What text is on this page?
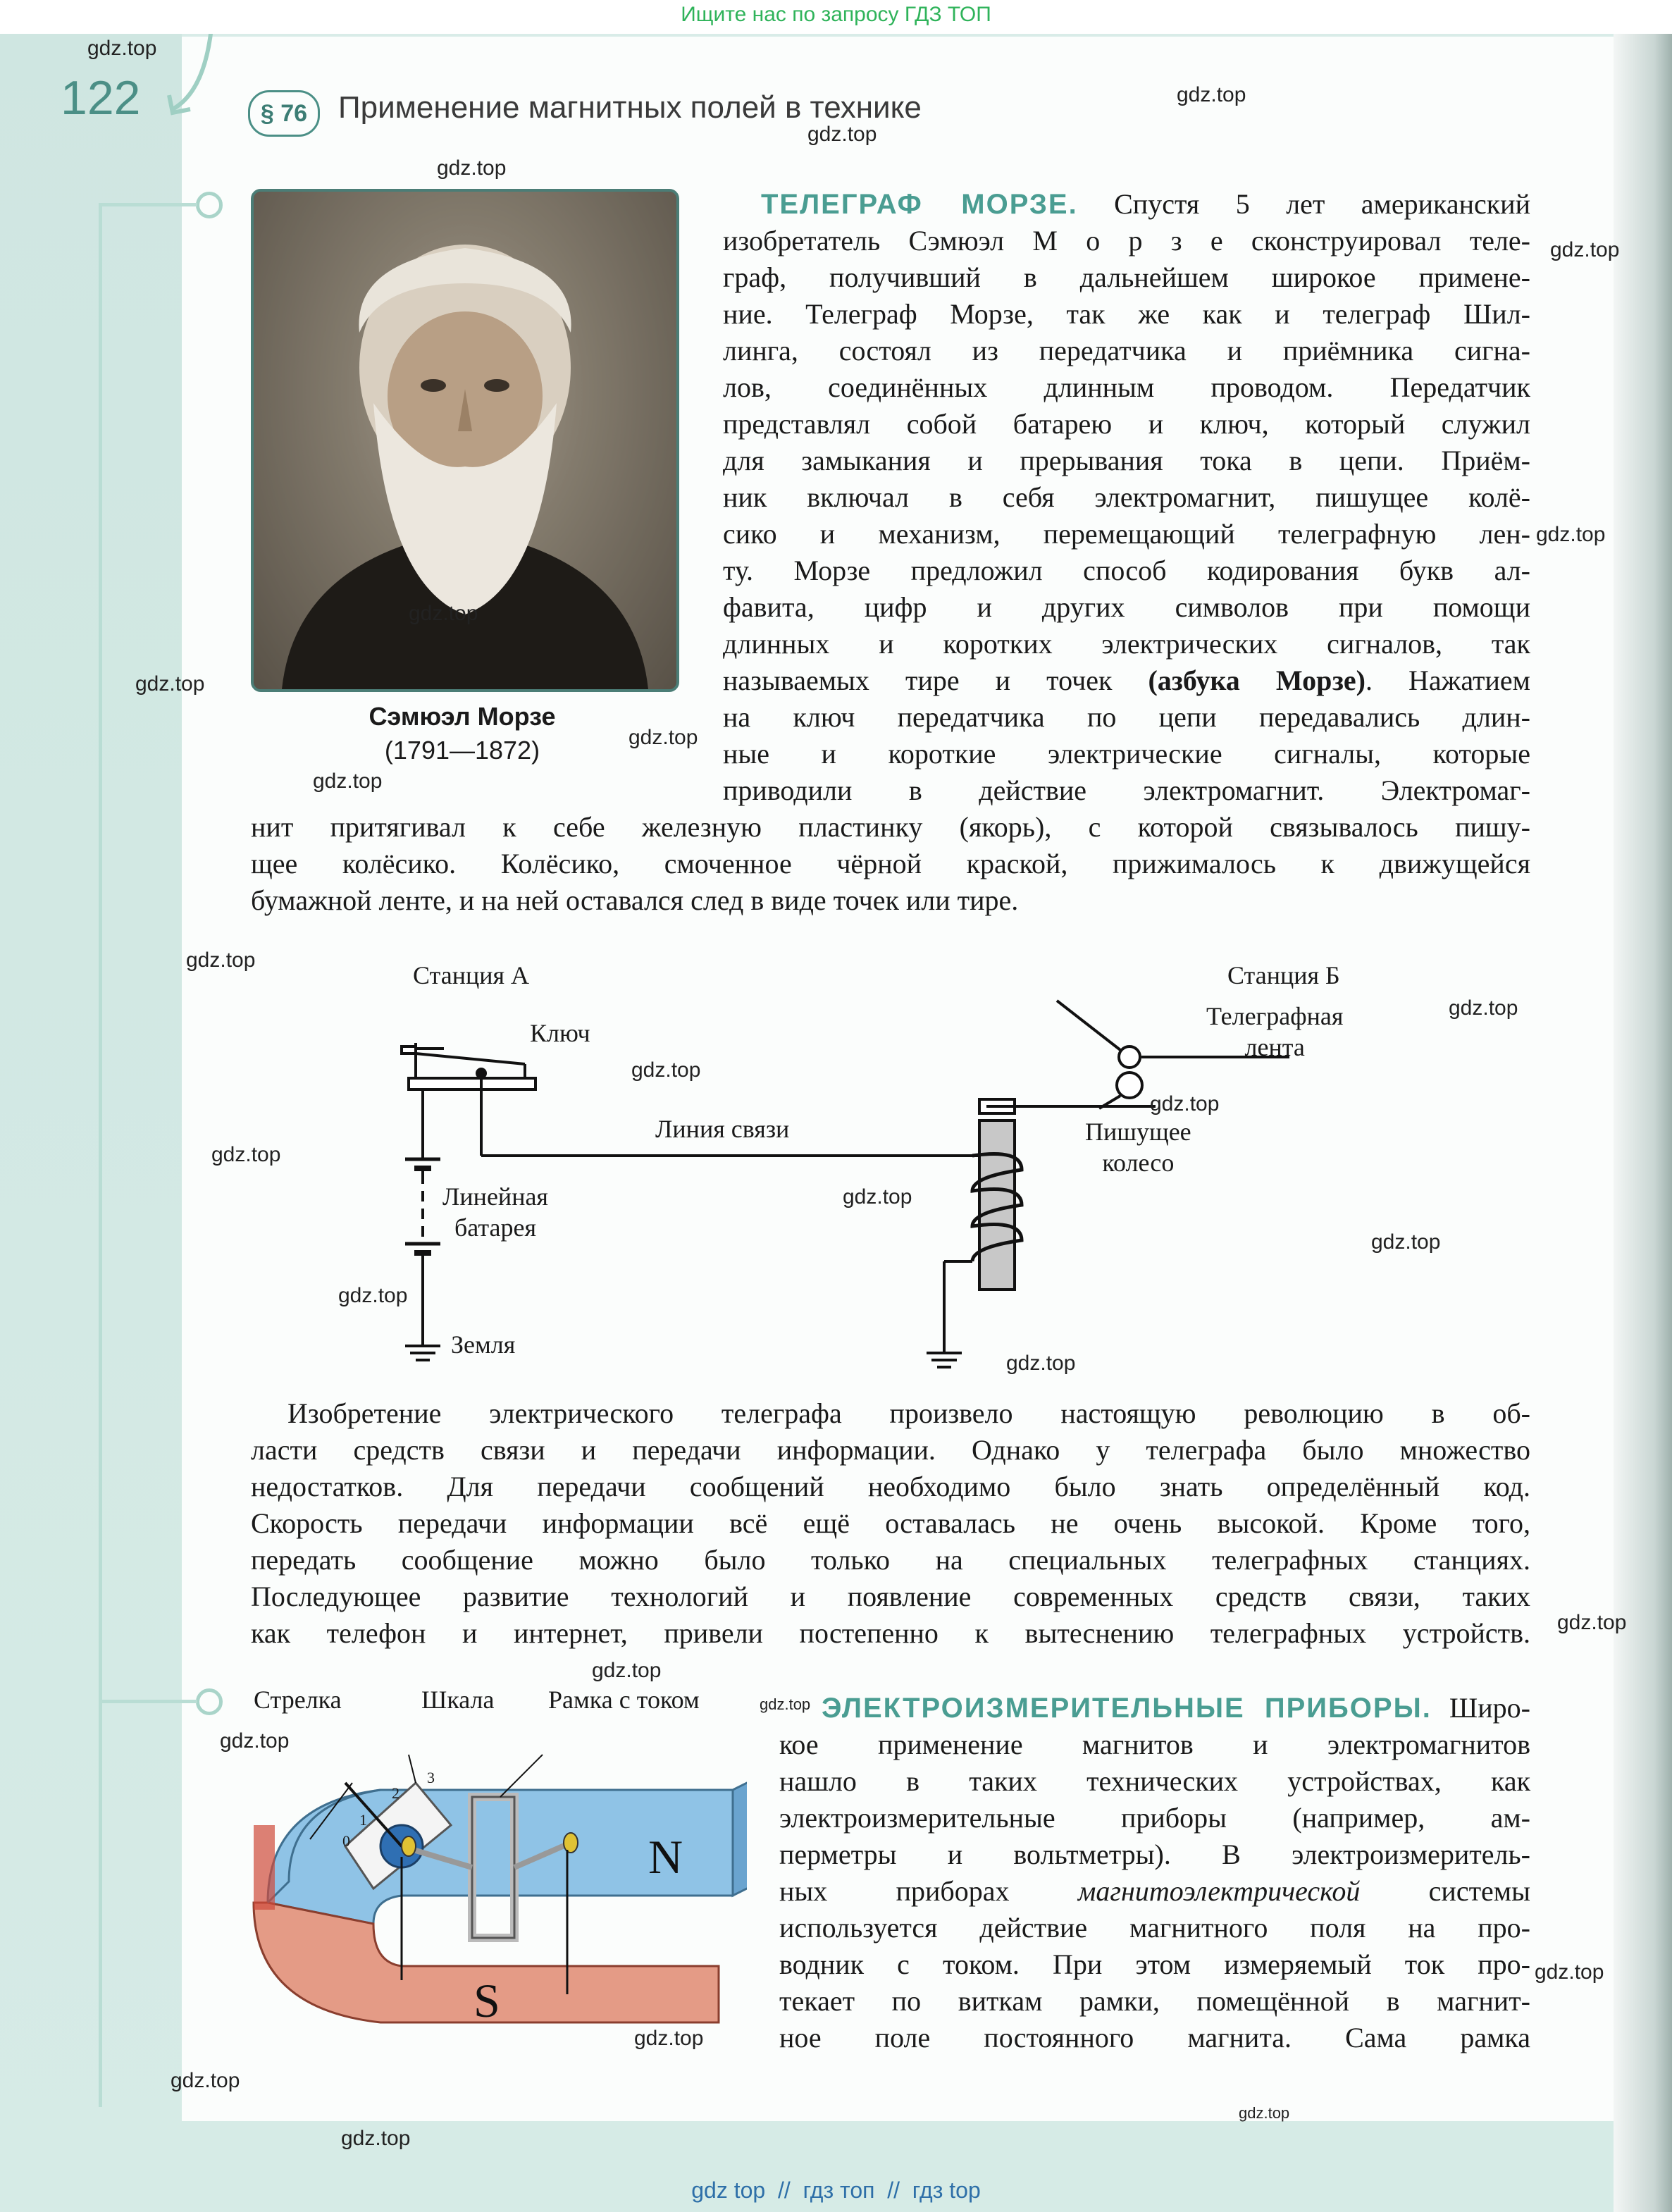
Ищите нас по запросу ГДЗ ТОП
122	§ 76 Применение магнитных полей в технике
Сэмюэл Морзе
(1791—1872)
ТЕЛЕГРАФ МОРЗЕ. Спустя 5 лет американский
изобретатель Сэмюэл М о р з е сконструировал теле-
граф, получивший в дальнейшем широкое примене-
ние. Телеграф Морзе, так же как и телеграф Шил-
линга, состоял из передатчика и приёмника сигна-
лов, соединённых длинным проводом. Передатчик
представлял собой батарею и ключ, который служил
для замыкания и прерывания тока в цепи. Приём-
ник включал в себя электромагнит, пишущее колё-
сико и механизм, перемещающий телеграфную лен-
ту. Морзе предложил способ кодирования букв ал-
фавита, цифр и других символов при помощи
длинных и коротких электрических сигналов, так
называемых тире и точек (азбука Морзе). Нажатием
на ключ передатчика по цепи передавались длин-
ные и короткие электрические сигналы, которые
приводили в действие электромагнит. Электромаг-
нит притягивал к себе железную пластинку (якорь), с которой связывалось пишу-
щее колёсико. Колёсико, смоченное чёрной краской, прижималось к движущейся
бумажной ленте, и на ней оставался след в виде точек или тире.
Станция А	Станция Б
Ключ
Линия связи
Линейная
батарея
Земля
Телеграфная
лента
Пишущее
колесо
Изобретение электрического телеграфа произвело настоящую революцию в об-
ласти средств связи и передачи информации. Однако у телеграфа было множество
недостатков. Для передачи сообщений необходимо было знать определённый код.
Скорость передачи информации всё ещё оставалась не очень высокой. Кроме того,
передать сообщение можно было только на специальных телеграфных станциях.
Последующее развитие технологий и появление современных средств связи, таких
как телефон и интернет, привели постепенно к вытеснению телеграфных устройств.
Стрелка	Шкала Рамка с током
N
S
1
0
2
3
ЭЛЕКТРОИЗМЕРИТЕЛЬНЫЕ ПРИБОРЫ. Широ-
кое применение магнитов и электромагнитов
нашло в таких технических устройствах, как
электроизмерительные приборы (например, ам-
перметры и вольтметры). В электроизмеритель-
ных приборах магнитоэлектрической системы
используется действие магнитного поля на про-
водник с током. При этом измеряемый ток про-
текает по виткам рамки, помещённой в магнит-
ное поле постоянного магнита. Сама рамка
gdz.top
gdz.top
gdz.top
gdz.top
gdz.top
gdz.top
gdz.top
gdz.top
gdz.top
gdz.top
gdz.top
gdz.top
gdz.top
gdz.top
gdz.top
gdz.top
gdz.top
gdz.top
gdz.top
gdz.top
gdz.top
gdz.top
gdz.top
gdz.top
gdz.top
gdz.top
gdz.top
gdz.top
gdz top  //  гдз топ  //  гдз top
